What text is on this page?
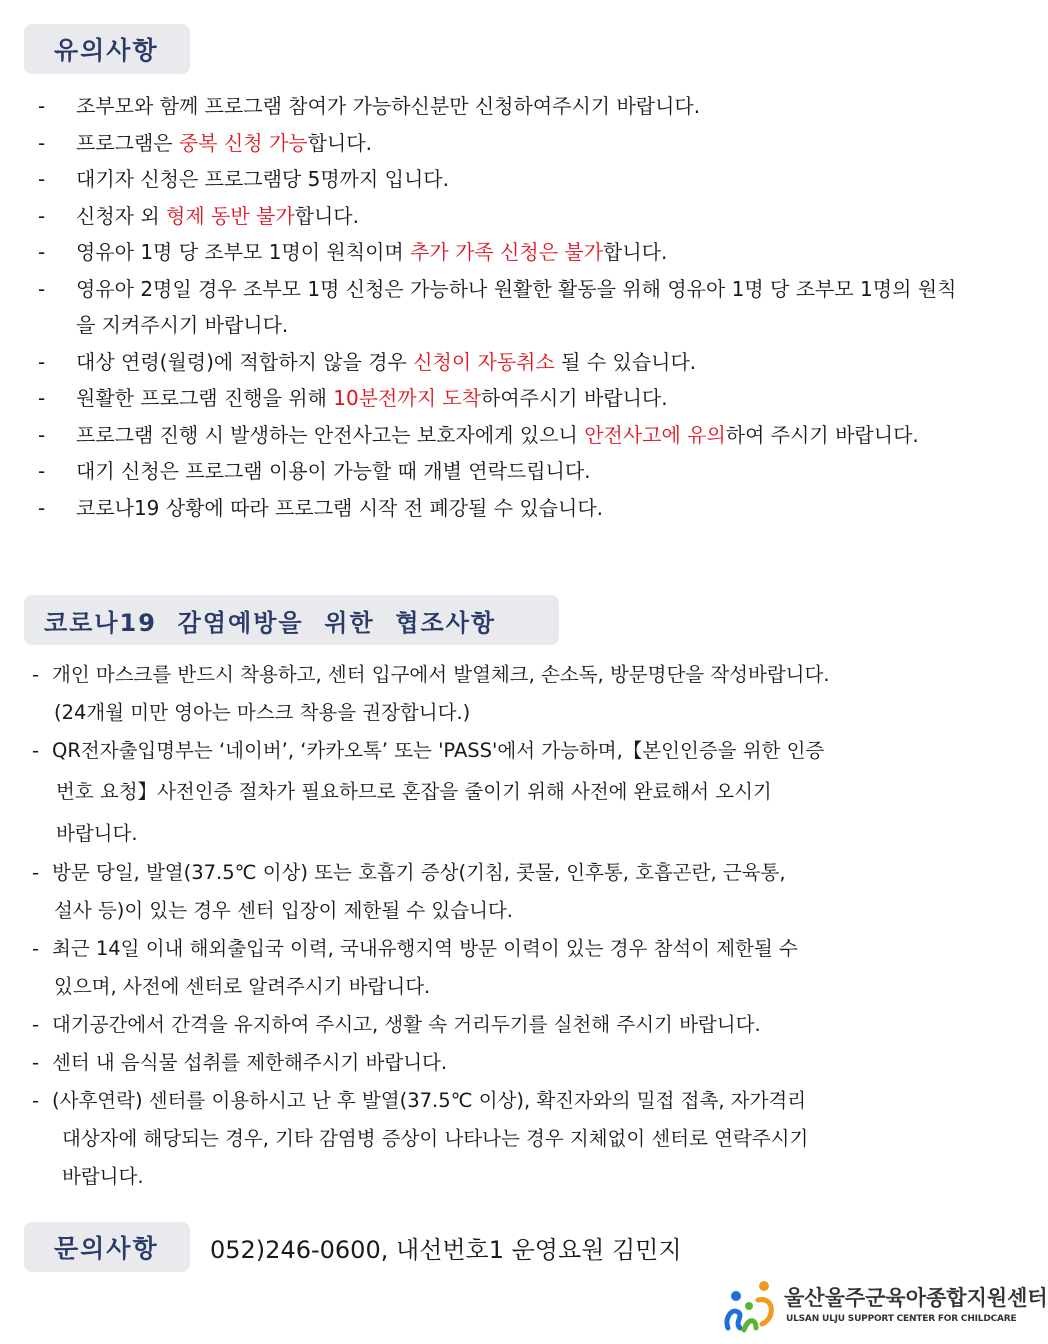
유의사항
- 조부모와 함께 프로그램 참여가 가능하신분만 신청하여주시기 바랍니다.
- 프로그램은 중복 신청 가능합니다.
- 대기자 신청은 프로그램당 5명까지 입니다.
- 신청자 외 형제 동반 불가합니다.
- 영유아 1명 당 조부모 1명이 원칙이며 추가 가족 신청은 불가합니다.
- 영유아 2명일 경우 조부모 1명 신청은 가능하나 원활한 활동을 위해 영유아 1명 당 조부모 1명의 원칙을 지켜주시기 바랍니다.
- 대상 연령(월령)에 적합하지 않을 경우 신청이 자동취소 될 수 있습니다.
- 원활한 프로그램 진행을 위해 10분전까지 도착하여주시기 바랍니다.
- 프로그램 진행 시 발생하는 안전사고는 보호자에게 있으니 안전사고에 유의하여 주시기 바랍니다.
- 대기 신청은 프로그램 이용이 가능할 때 개별 연락드립니다.
- 코로나19 상황에 따라 프로그램 시작 전 폐강될 수 있습니다.
코로나19  감염예방을  위한  협조사항
- 개인 마스크를 반드시 착용하고, 센터 입구에서 발열체크, 손소독, 방문명단을 작성바랍니다.
(24개월 미만 영아는 마스크 착용을 권장합니다.)
- QR전자출입명부는 ‘네이버’, ‘카카오톡’ 또는 'PASS'에서 가능하며,【본인인증을 위한 인증
번호 요청】사전인증 절차가 필요하므로 혼잡을 줄이기 위해 사전에 완료해서 오시기
바랍니다.
- 방문 당일, 발열(37.5℃ 이상) 또는 호흡기 증상(기침, 콧물, 인후통, 호흡곤란, 근육통,
설사 등)이 있는 경우 센터 입장이 제한될 수 있습니다.
- 최근 14일 이내 해외출입국 이력, 국내유행지역 방문 이력이 있는 경우 참석이 제한될 수
있으며, 사전에 센터로 알려주시기 바랍니다.
- 대기공간에서 간격을 유지하여 주시고, 생활 속 거리두기를 실천해 주시기 바랍니다.
- 센터 내 음식물 섭취를 제한해주시기 바랍니다.
- (사후연락) 센터를 이용하시고 난 후 발열(37.5℃ 이상), 확진자와의 밀접 접촉, 자가격리
대상자에 해당되는 경우, 기타 감염병 증상이 나타나는 경우 지체없이 센터로 연락주시기
바랍니다.
문의사항 052)246-0600, 내선번호1 운영요원 김민지
울산울주군육아종합지원센터
ULSAN ULJU SUPPORT CENTER FOR CHILDCARE
